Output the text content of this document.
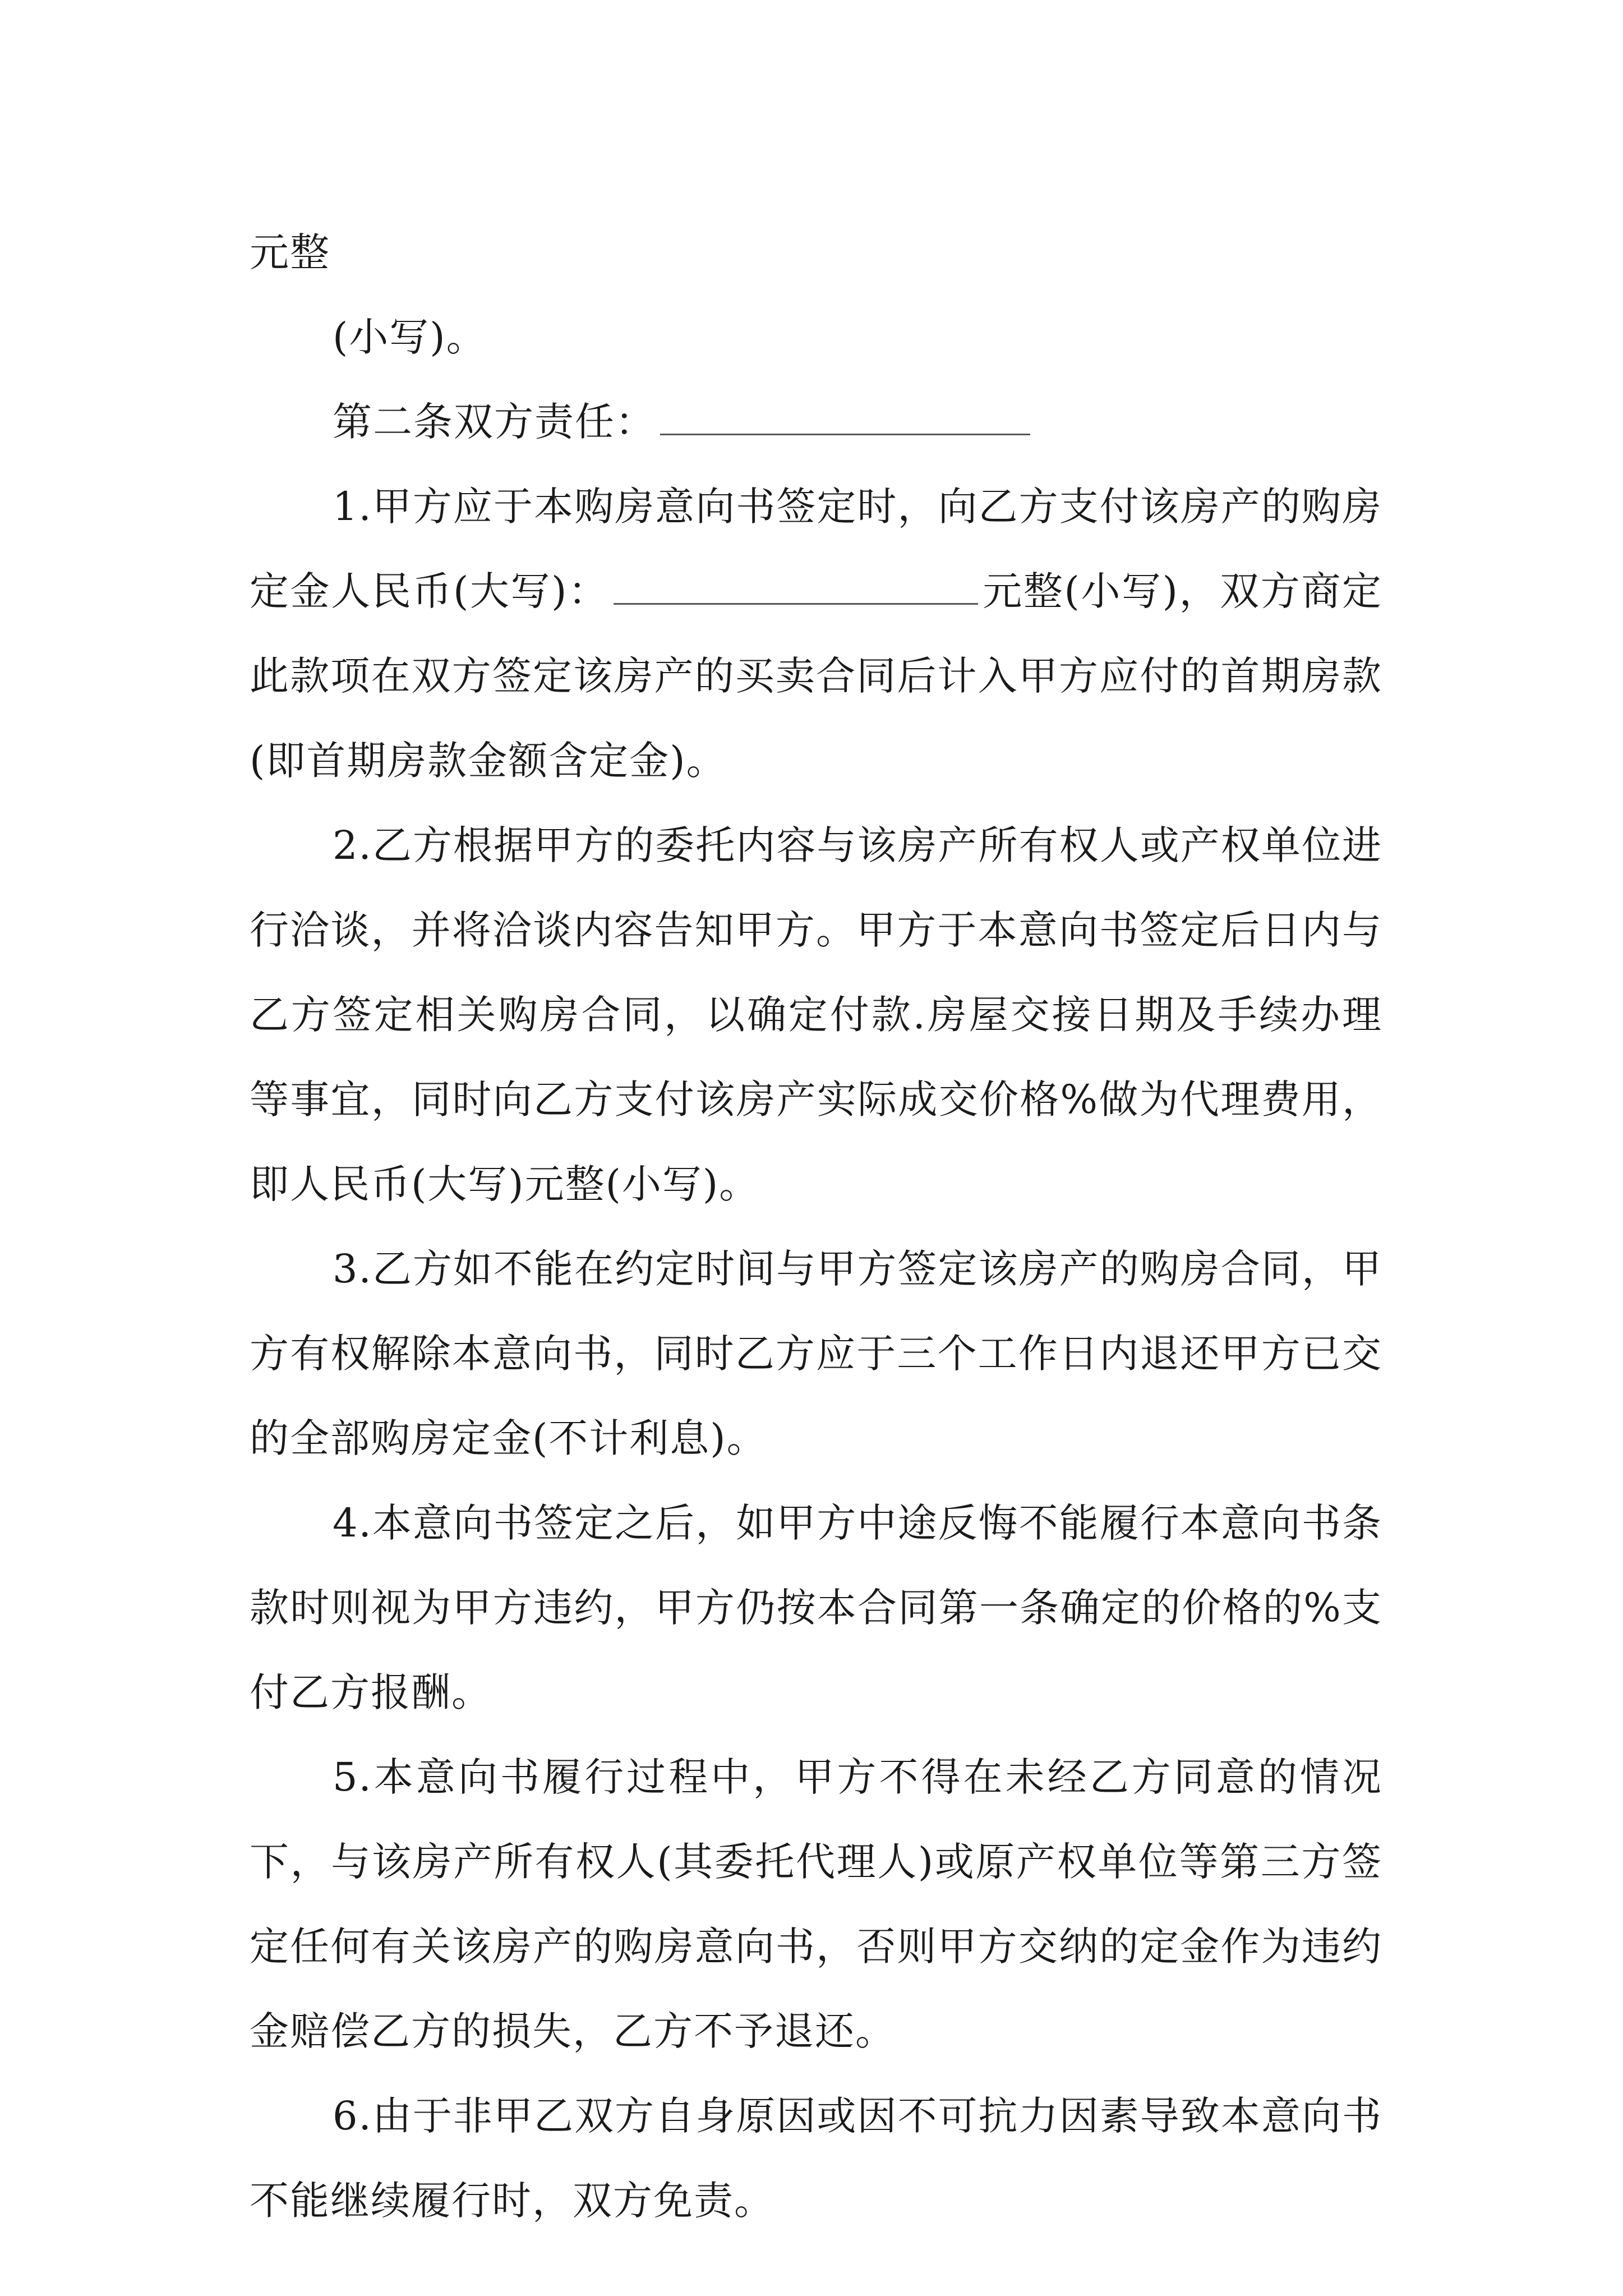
元整

(小写)。

第二条双方责任：

1.甲方应于本购房意向书签定时，向乙方支付该房产的购房定金人民币(大写)：	元整(小写)，双方商定此款项在双方签定该房产的买卖合同后计入甲方应付的首期房款(即首期房款金额含定金)。

2.乙方根据甲方的委托内容与该房产所有权人或产权单位进行洽谈，并将洽谈内容告知甲方。甲方于本意向书签定后日内与乙方签定相关购房合同，以确定付款.房屋交接日期及手续办理等事宜，同时向乙方支付该房产实际成交价格%做为代理费用，即人民币(大写)元整(小写)。

3.乙方如不能在约定时间与甲方签定该房产的购房合同，甲方有权解除本意向书，同时乙方应于三个工作日内退还甲方已交的全部购房定金(不计利息)。

4.本意向书签定之后，如甲方中途反悔不能履行本意向书条款时则视为甲方违约，甲方仍按本合同第一条确定的价格的%支付乙方报酬。

5.本意向书履行过程中，甲方不得在未经乙方同意的情况下，与该房产所有权人(其委托代理人)或原产权单位等第三方签定任何有关该房产的购房意向书，否则甲方交纳的定金作为违约金赔偿乙方的损失，乙方不予退还。

6.由于非甲乙双方自身原因或因不可抗力因素导致本意向书不能继续履行时，双方免责。
